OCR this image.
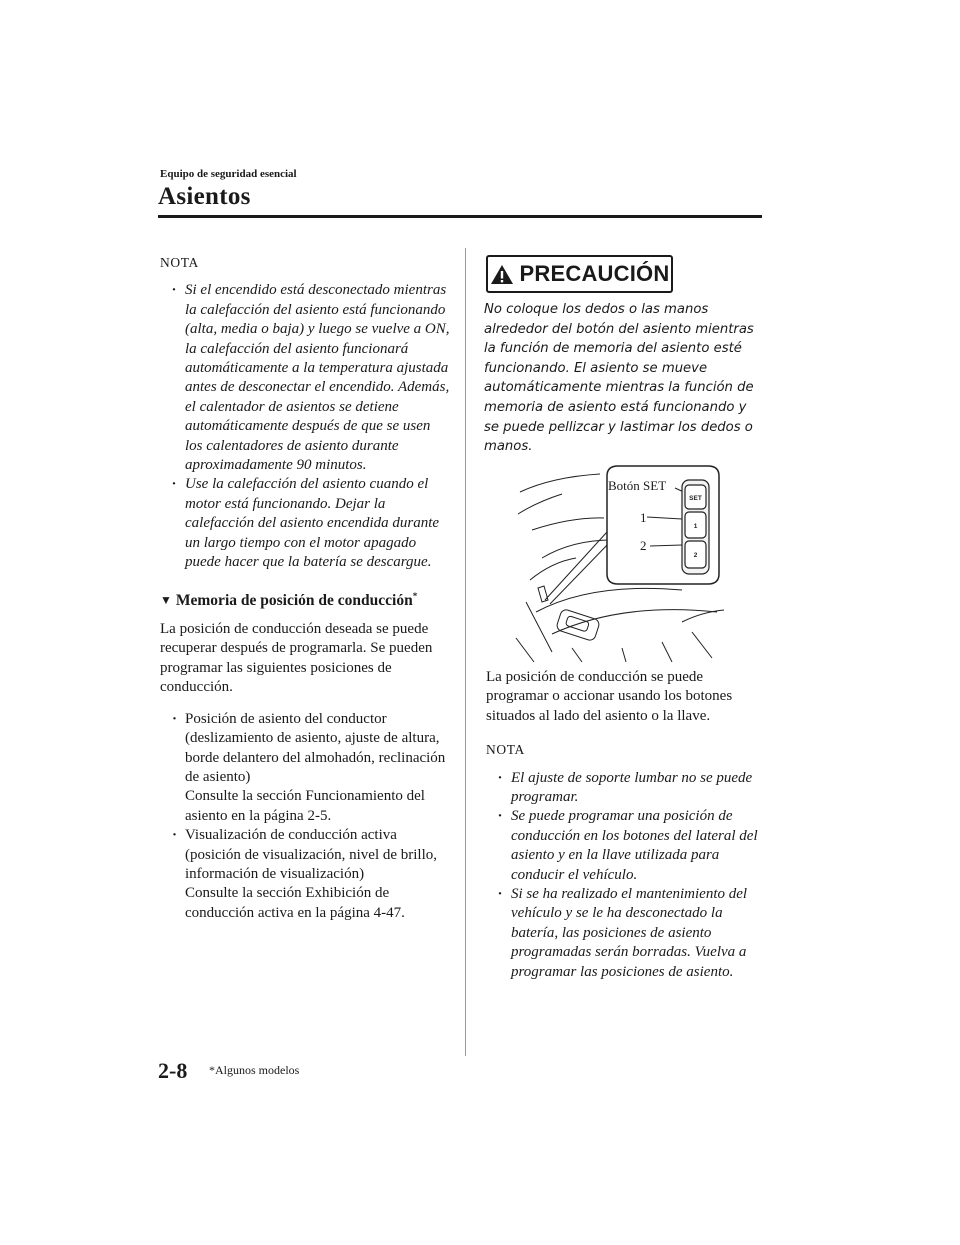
Equipo de seguridad esencial
Asientos
NOTA
· Si el encendido está desconectado mientras la calefacción del asiento está funcionando (alta, media o baja) y luego se vuelve a ON, la calefacción del asiento funcionará automáticamente a la temperatura ajustada antes de desconectar el encendido. Además, el calentador de asientos se detiene automáticamente después de que se usen los calentadores de asiento durante aproximadamente 90 minutos.
· Use la calefacción del asiento cuando el motor está funcionando. Dejar la calefacción del asiento encendida durante un largo tiempo con el motor apagado puede hacer que la batería se descargue.
▼ Memoria de posición de conducción*
La posición de conducción deseada se puede recuperar después de programarla. Se pueden programar las siguientes posiciones de conducción.
· Posición de asiento del conductor (deslizamiento de asiento, ajuste de altura, borde delantero del almohadón, reclinación de asiento)
Consulte la sección Funcionamiento del asiento en la página 2-5.
· Visualización de conducción activa (posición de visualización, nivel de brillo, información de visualización)
Consulte la sección Exhibición de conducción activa en la página 4-47.
PRECAUCIÓN
No coloque los dedos o las manos alrededor del botón del asiento mientras la función de memoria del asiento esté funcionando. El asiento se mueve automáticamente mientras la función de memoria de asiento está funcionando y se puede pellizcar y lastimar los dedos o manos.
SET
1
2
Botón SET
1
2
La posición de conducción se puede programar o accionar usando los botones situados al lado del asiento o la llave.
NOTA
· El ajuste de soporte lumbar no se puede programar.
· Se puede programar una posición de conducción en los botones del lateral del asiento y en la llave utilizada para conducir el vehículo.
· Si se ha realizado el mantenimiento del vehículo y se le ha desconectado la batería, las posiciones de asiento programadas serán borradas. Vuelva a programar las posiciones de asiento.
2-8 *Algunos modelos
